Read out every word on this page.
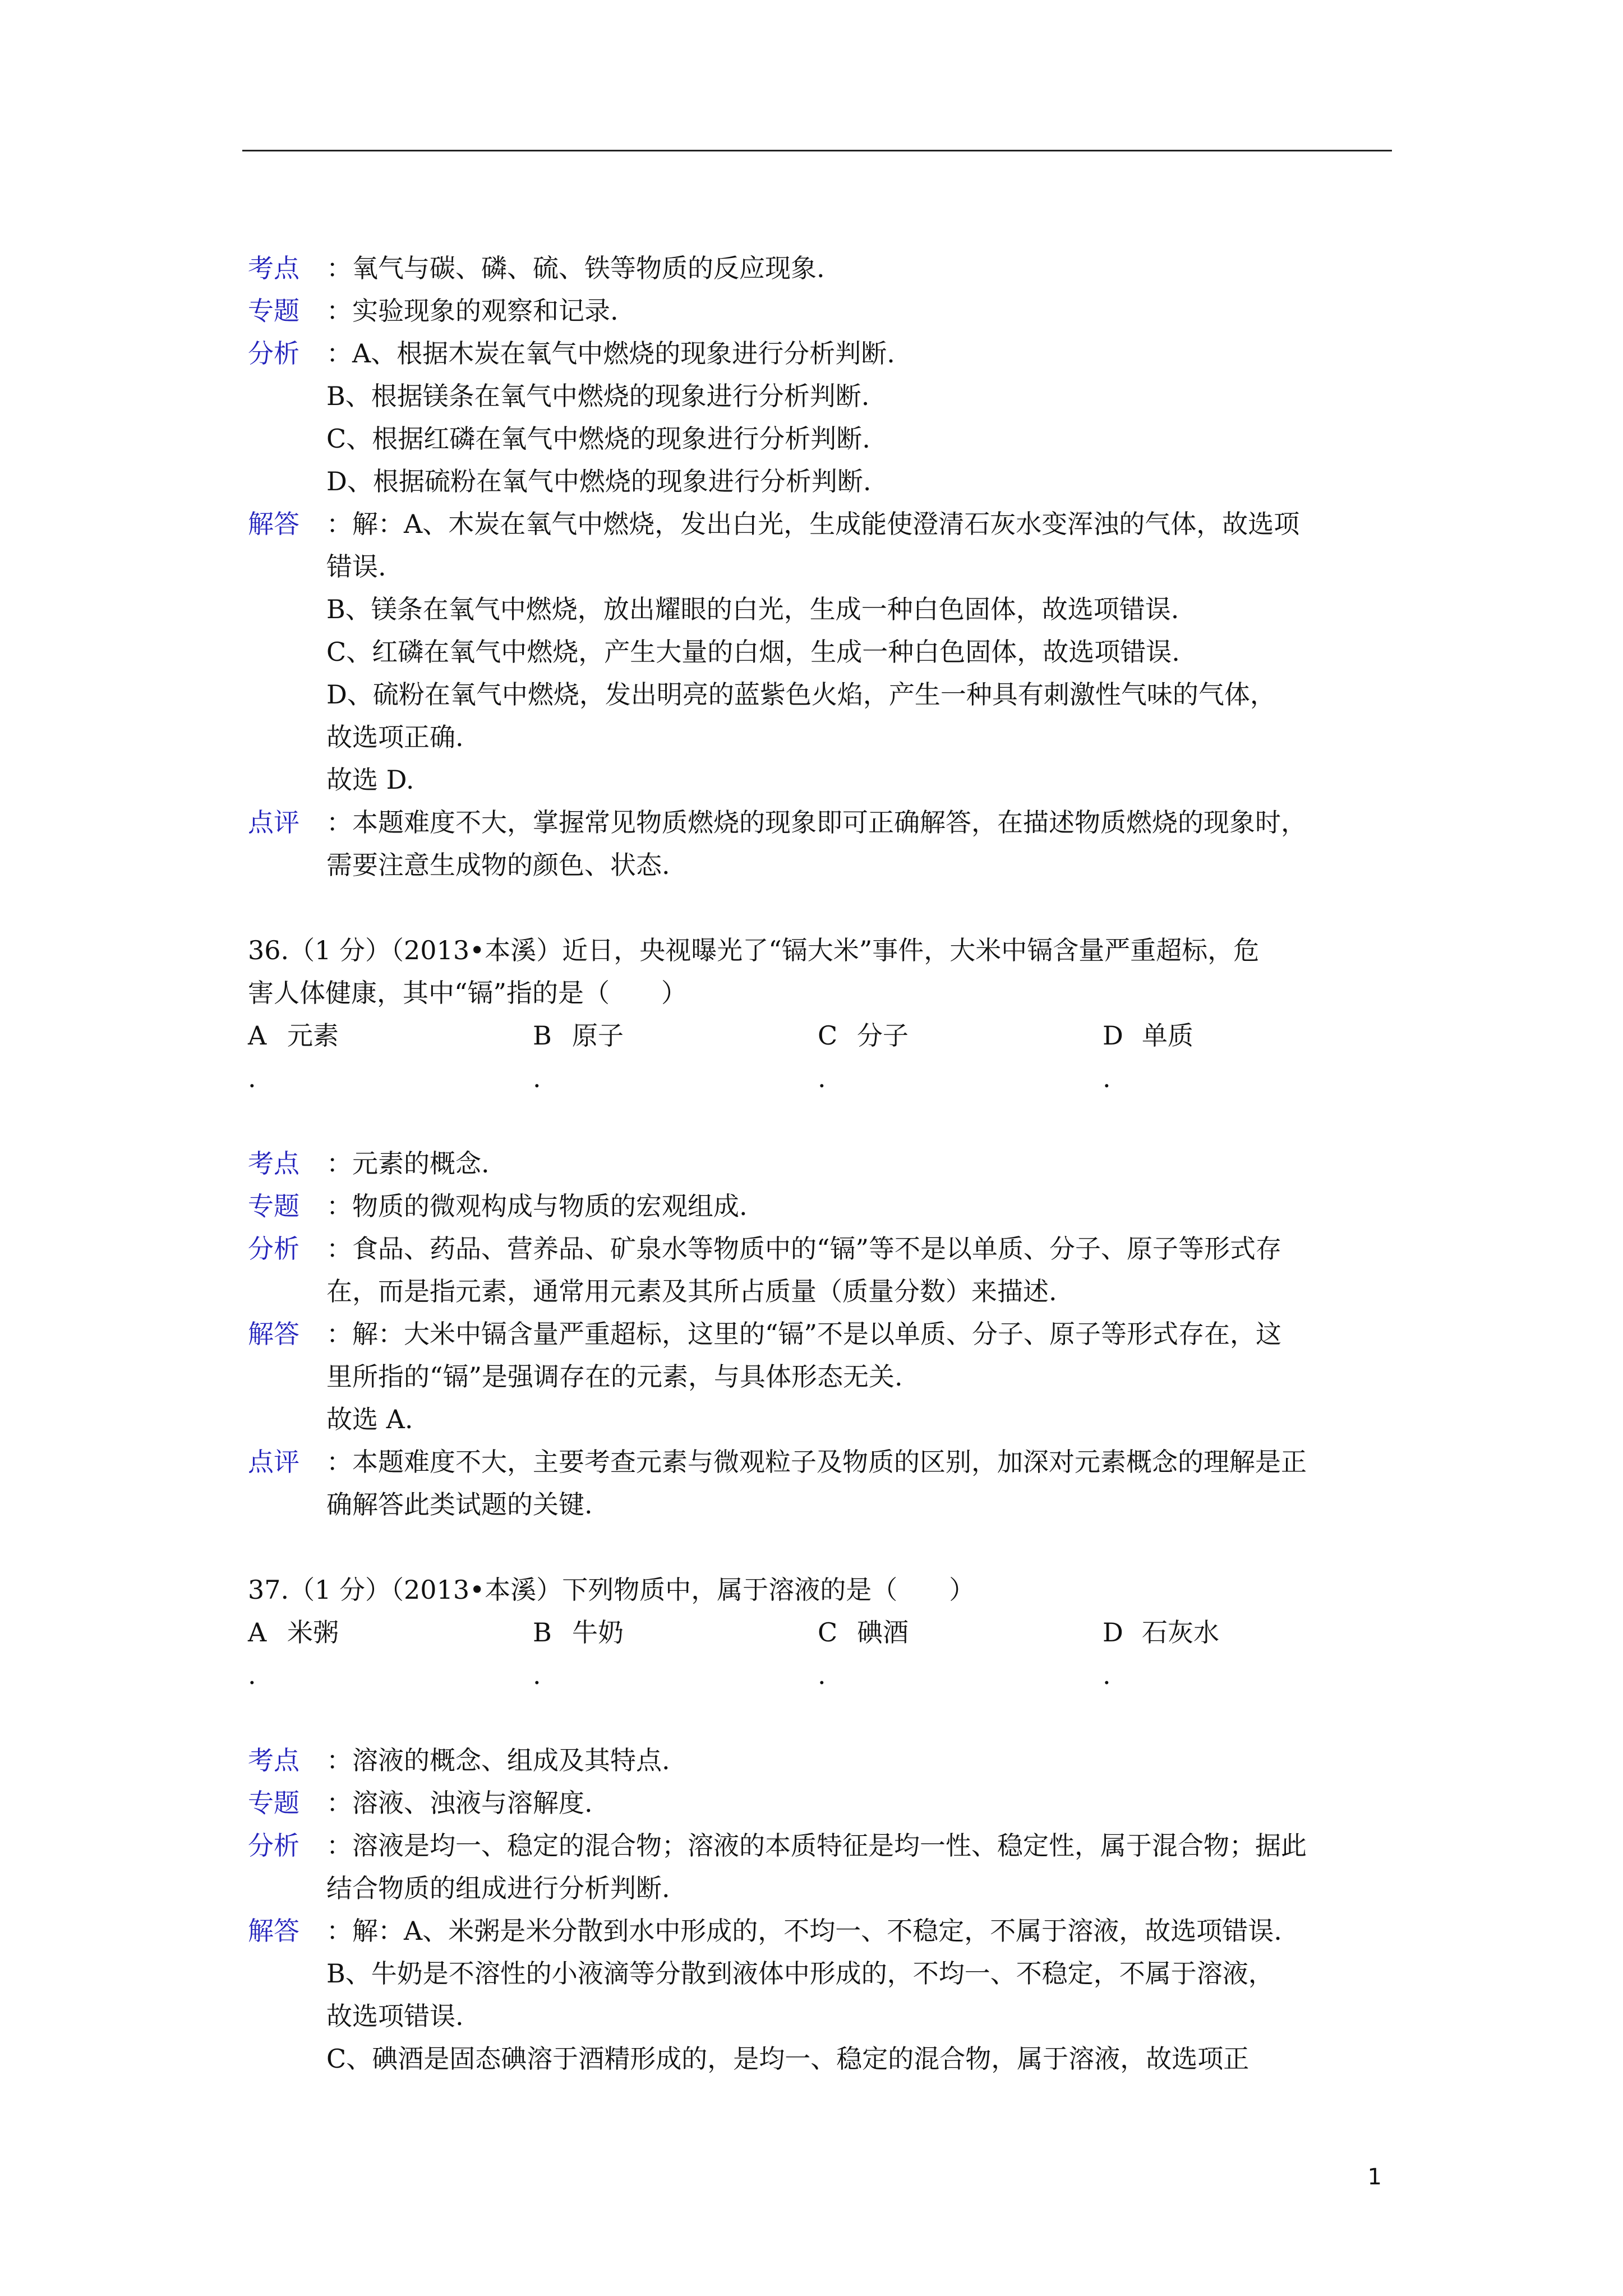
考点 ：氧气与碳、磷、硫、铁等物质的反应现象.
专题 ：实验现象的观察和记录.
分析 ：A、根据木炭在氧气中燃烧的现象进行分析判断.
B、根据镁条在氧气中燃烧的现象进行分析判断.
C、根据红磷在氧气中燃烧的现象进行分析判断.
D、根据硫粉在氧气中燃烧的现象进行分析判断.
解答 ：解：A、木炭在氧气中燃烧，发出白光，生成能使澄清石灰水变浑浊的气体，故选项
错误.
B、镁条在氧气中燃烧，放出耀眼的白光，生成一种白色固体，故选项错误.
C、红磷在氧气中燃烧，产生大量的白烟，生成一种白色固体，故选项错误.
D、硫粉在氧气中燃烧，发出明亮的蓝紫色火焰，产生一种具有刺激性气味的气体，
故选项正确.
故选 D.
点评 ：本题难度不大，掌握常见物质燃烧的现象即可正确解答，在描述物质燃烧的现象时，
需要注意生成物的颜色、状态.
36.（1 分）（2013•本溪）近日，央视曝光了“镉大米”事件，大米中镉含量严重超标，危
害人体健康，其中“镉”指的是（　　）
A 元素	B 原子	C 分子	D 单质
.	.	.	.
考点 ：元素的概念.
专题 ：物质的微观构成与物质的宏观组成.
分析 ：食品、药品、营养品、矿泉水等物质中的“镉”等不是以单质、分子、原子等形式存
在，而是指元素，通常用元素及其所占质量（质量分数）来描述.
解答 ：解：大米中镉含量严重超标，这里的“镉”不是以单质、分子、原子等形式存在，这
里所指的“镉”是强调存在的元素，与具体形态无关.
故选 A.
点评 ：本题难度不大，主要考查元素与微观粒子及物质的区别，加深对元素概念的理解是正
确解答此类试题的关键.
37.（1 分）（2013•本溪）下列物质中，属于溶液的是（　　）
A 米粥	B 牛奶	C 碘酒	D 石灰水
.	.	.	.
考点 ：溶液的概念、组成及其特点.
专题 ：溶液、浊液与溶解度.
分析 ：溶液是均一、稳定的混合物；溶液的本质特征是均一性、稳定性，属于混合物；据此
结合物质的组成进行分析判断.
解答 ：解：A、米粥是米分散到水中形成的，不均一、不稳定，不属于溶液，故选项错误.
B、牛奶是不溶性的小液滴等分散到液体中形成的，不均一、不稳定，不属于溶液，
故选项错误.
C、碘酒是固态碘溶于酒精形成的，是均一、稳定的混合物，属于溶液，故选项正
1
